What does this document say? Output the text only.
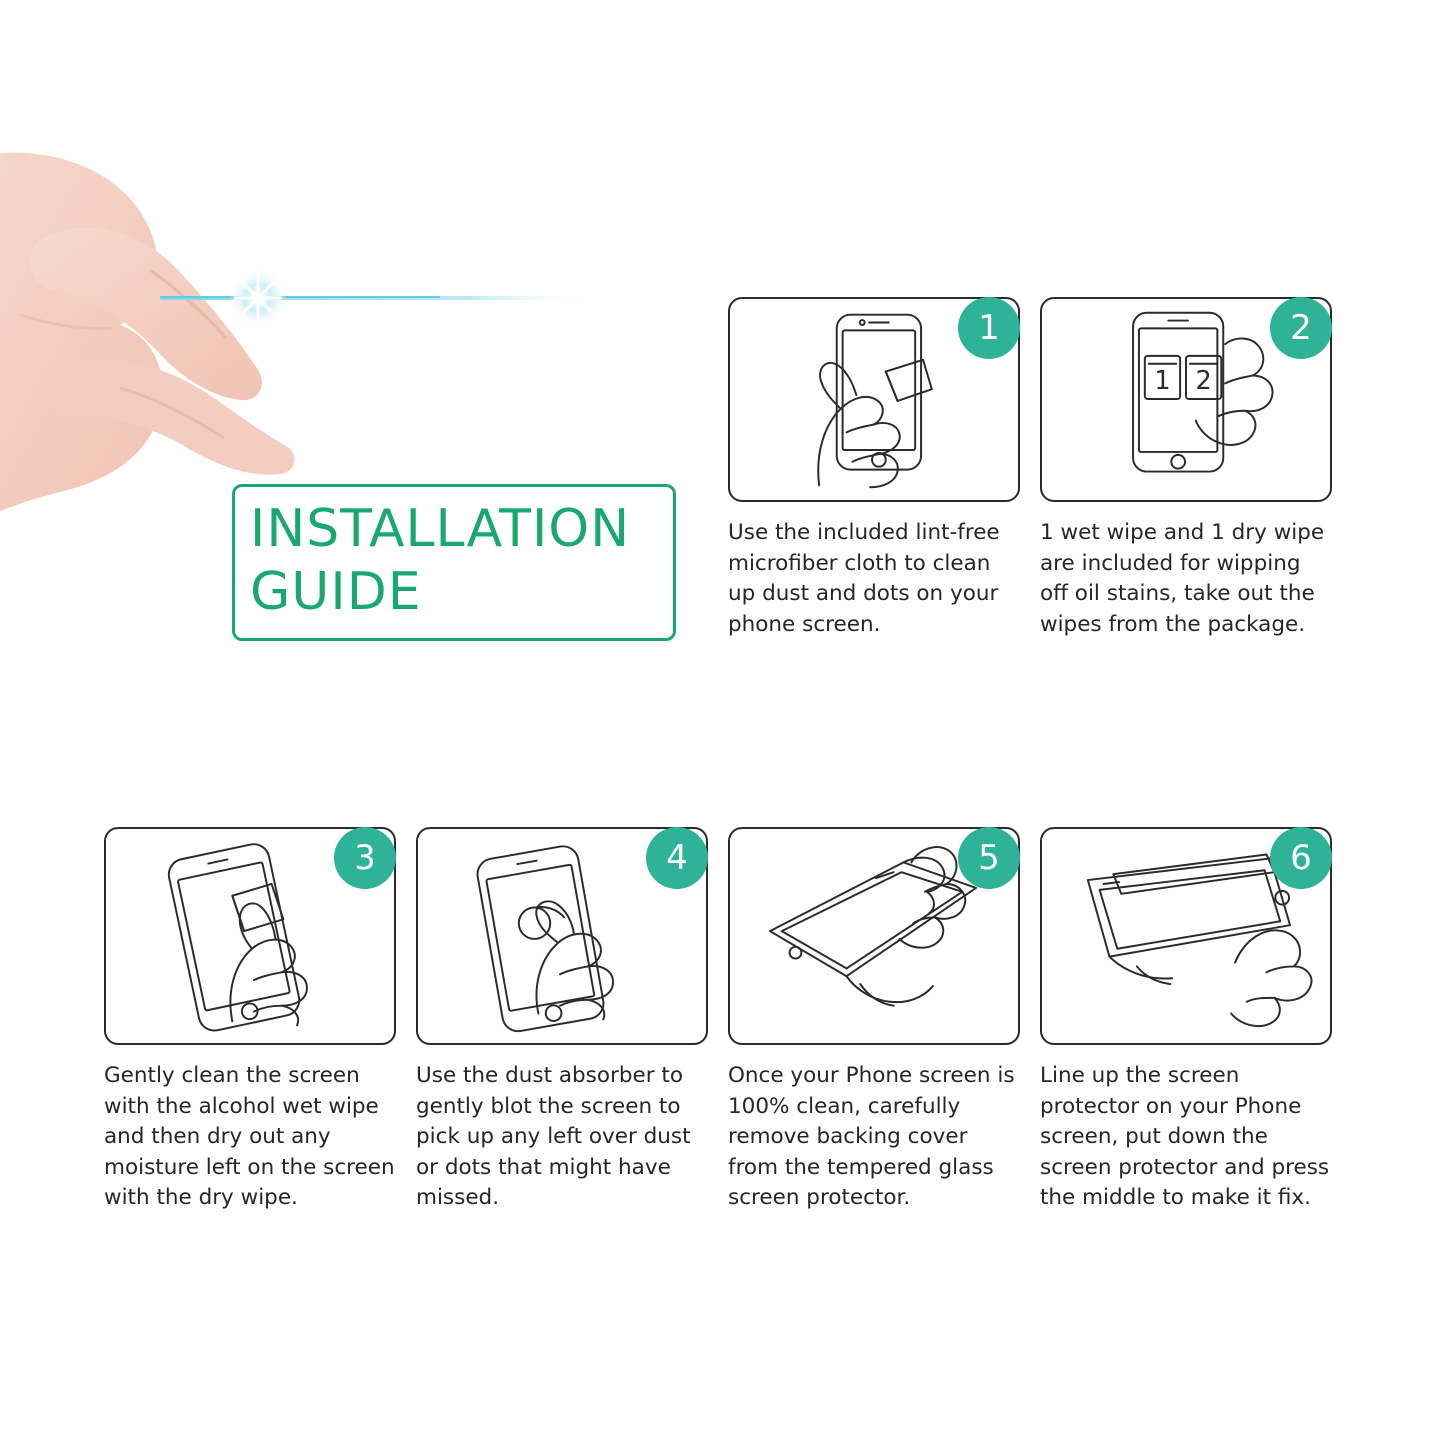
INSTALLATION
GUIDE
1
Use the included lint-free microfiber cloth to clean up dust and dots on your phone screen.
1 2
2
1 wet wipe and 1 dry wipe are included for wipping off oil stains, take out the wipes from the package.
3
Gently clean the screen with the alcohol wet wipe and then dry out any moisture left on the screen with the dry wipe.
4
Use the dust absorber to gently blot the screen to pick up any left over dust or dots that might have missed.
5
Once your Phone screen is 100% clean, carefully remove backing cover from the tempered glass screen protector.
6
Line up the screen protector on your Phone screen, put down the screen protector and press the middle to make it fix.
